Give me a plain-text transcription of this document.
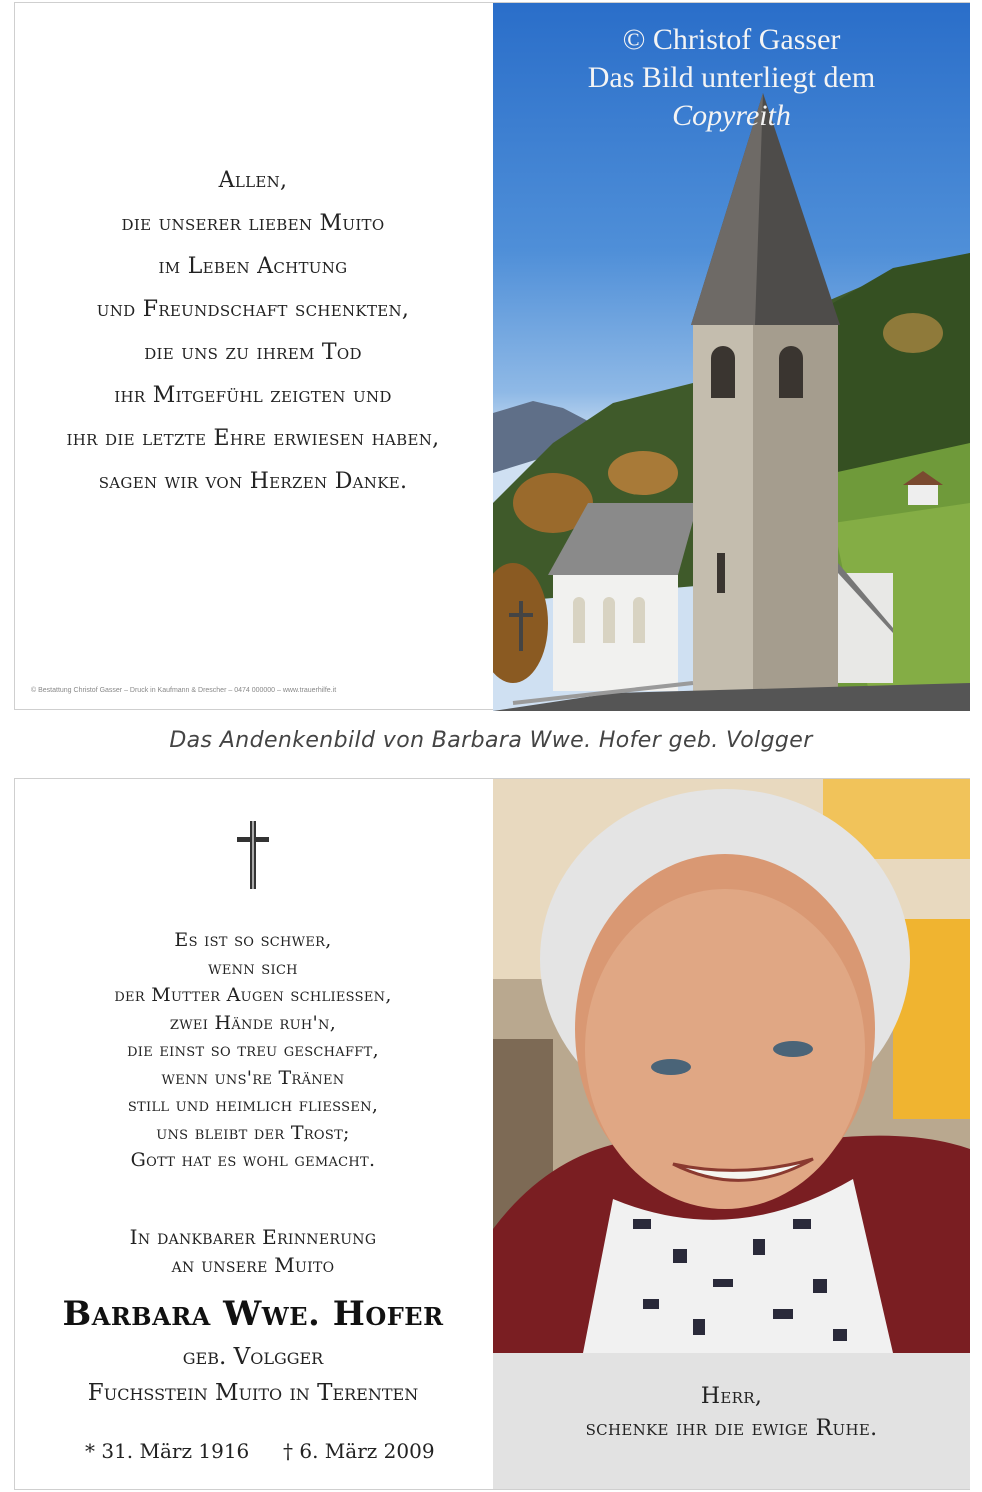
Allen,
die unserer lieben Muito
im Leben Achtung
und Freundschaft schenkten,
die uns zu ihrem Tod
ihr Mitgefühl zeigten und
ihr die letzte Ehre erwiesen haben,
sagen wir von Herzen Danke.
© Bestattung Christof Gasser – Druck in Kaufmann & Drescher – 0474 000000 – www.trauerhilfe.it
© Christof Gasser
Das Bild unterliegt dem
Copyreith
Das Andenkenbild von Barbara Wwe. Hofer geb. Volgger
Es ist so schwer,
wenn sich
der Mutter Augen schliessen,
zwei Hände ruh'n,
die einst so treu geschafft,
wenn uns're Tränen
still und heimlich fliessen,
uns bleibt der Trost;
Gott hat es wohl gemacht.
In dankbarer Erinnerung
an unsere Muito
Barbara Wwe. Hofer
geb. Volgger
Fuchsstein Muito in Terenten
* 31. März 1916 † 6. März 2009
Herr,
schenke ihr die ewige Ruhe.
